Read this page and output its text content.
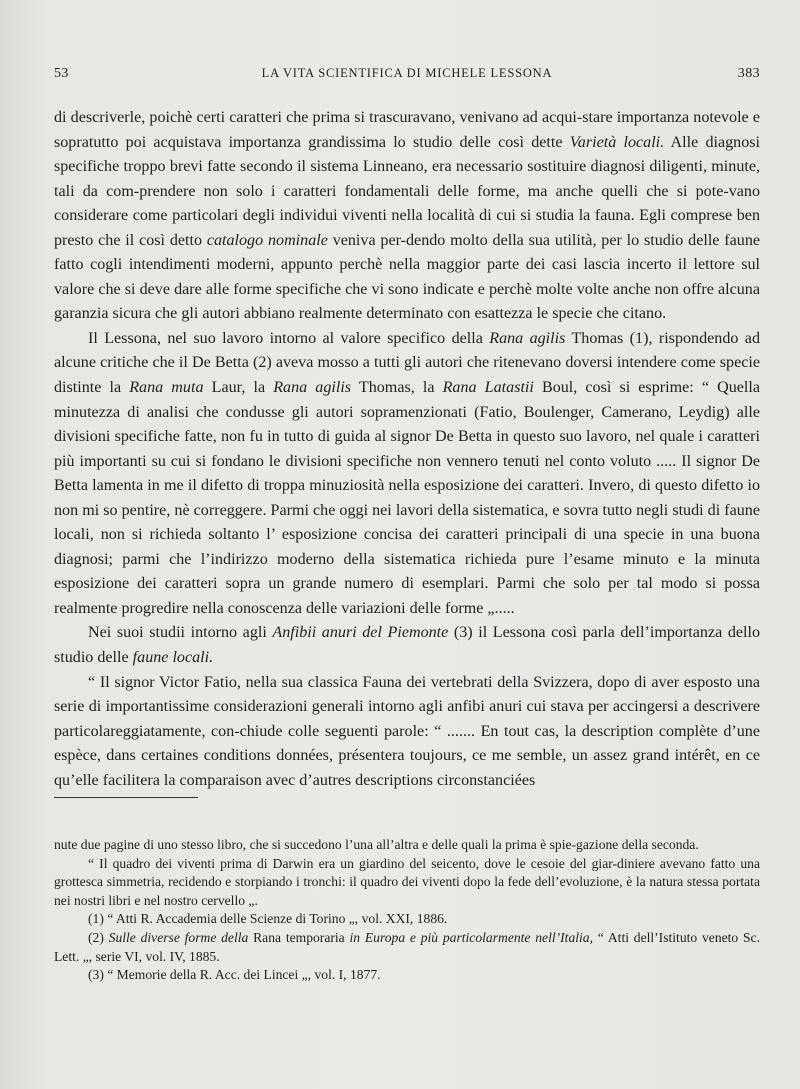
53	LA VITA SCIENTIFICA DI MICHELE LESSONA	383

di descriverle, poichè certi caratteri che prima si trascuravano, venivano ad acqui-stare importanza notevole e sopratutto poi acquistava importanza grandissima lo studio delle così dette Varietà locali. Alle diagnosi specifiche troppo brevi fatte secondo il sistema Linneano, era necessario sostituire diagnosi diligenti, minute, tali da com-prendere non solo i caratteri fondamentali delle forme, ma anche quelli che si pote-vano considerare come particolari degli individui viventi nella località di cui si studia la fauna. Egli comprese ben presto che il così detto catalogo nominale veniva per-dendo molto della sua utilità, per lo studio delle faune fatto cogli intendimenti moderni, appunto perchè nella maggior parte dei casi lascia incerto il lettore sul valore che si deve dare alle forme specifiche che vi sono indicate e perchè molte volte anche non offre alcuna garanzia sicura che gli autori abbiano realmente determinato con esattezza le specie che citano.

Il Lessona, nel suo lavoro intorno al valore specifico della Rana agilis Thomas (1), rispondendo ad alcune critiche che il De Betta (2) aveva mosso a tutti gli autori che ritenevano doversi intendere come specie distinte la Rana muta Laur, la Rana agilis Thomas, la Rana Latastii Boul, così si esprime: “ Quella minutezza di analisi che condusse gli autori sopramenzionati (Fatio, Boulenger, Camerano, Leydig) alle divisioni specifiche fatte, non fu in tutto di guida al signor De Betta in questo suo lavoro, nel quale i caratteri più importanti su cui si fondano le divisioni specifiche non vennero tenuti nel conto voluto ..... Il signor De Betta lamenta in me il difetto di troppa minuziosità nella esposizione dei caratteri. Invero, di questo difetto io non mi so pentire, nè correggere. Parmi che oggi nei lavori della sistematica, e sovra tutto negli studi di faune locali, non si richieda soltanto l’ esposizione concisa dei caratteri principali di una specie in una buona diagnosi; parmi che l’indirizzo moderno della sistematica richieda pure l’esame minuto e la minuta esposizione dei caratteri sopra un grande numero di esemplari. Parmi che solo per tal modo si possa realmente progredire nella conoscenza delle variazioni delle forme „.....

Nei suoi studii intorno agli Anfibii anuri del Piemonte (3) il Lessona così parla dell’importanza dello studio delle faune locali.

“ Il signor Victor Fatio, nella sua classica Fauna dei vertebrati della Svizzera, dopo di aver esposto una serie di importantissime considerazioni generali intorno agli anfibi anuri cui stava per accingersi a descrivere particolareggiatamente, con-chiude colle seguenti parole: “ ....... En tout cas, la description complète d’une espèce, dans certaines conditions données, présentera toujours, ce me semble, un assez grand intérêt, en ce qu’elle facilitera la comparaison avec d’autres descriptions circonstanciées

nute due pagine di uno stesso libro, che si succedono l’una all’altra e delle quali la prima è spie-gazione della seconda.

“ Il quadro dei viventi prima di Darwin era un giardino del seicento, dove le cesoie del giar-diniere avevano fatto una grottesca simmetria, recidendo e storpiando i tronchi: il quadro dei viventi dopo la fede dell’evoluzione, è la natura stessa portata nei nostri libri e nel nostro cervello „.

(1) “ Atti R. Accademia delle Scienze di Torino „, vol. XXI, 1886.

(2) Sulle diverse forme della Rana temporaria in Europa e più particolarmente nell’Italia, “ Atti dell’Istituto veneto Sc. Lett. „, serie VI, vol. IV, 1885.

(3) “ Memorie della R. Acc. dei Lincei „, vol. I, 1877.
